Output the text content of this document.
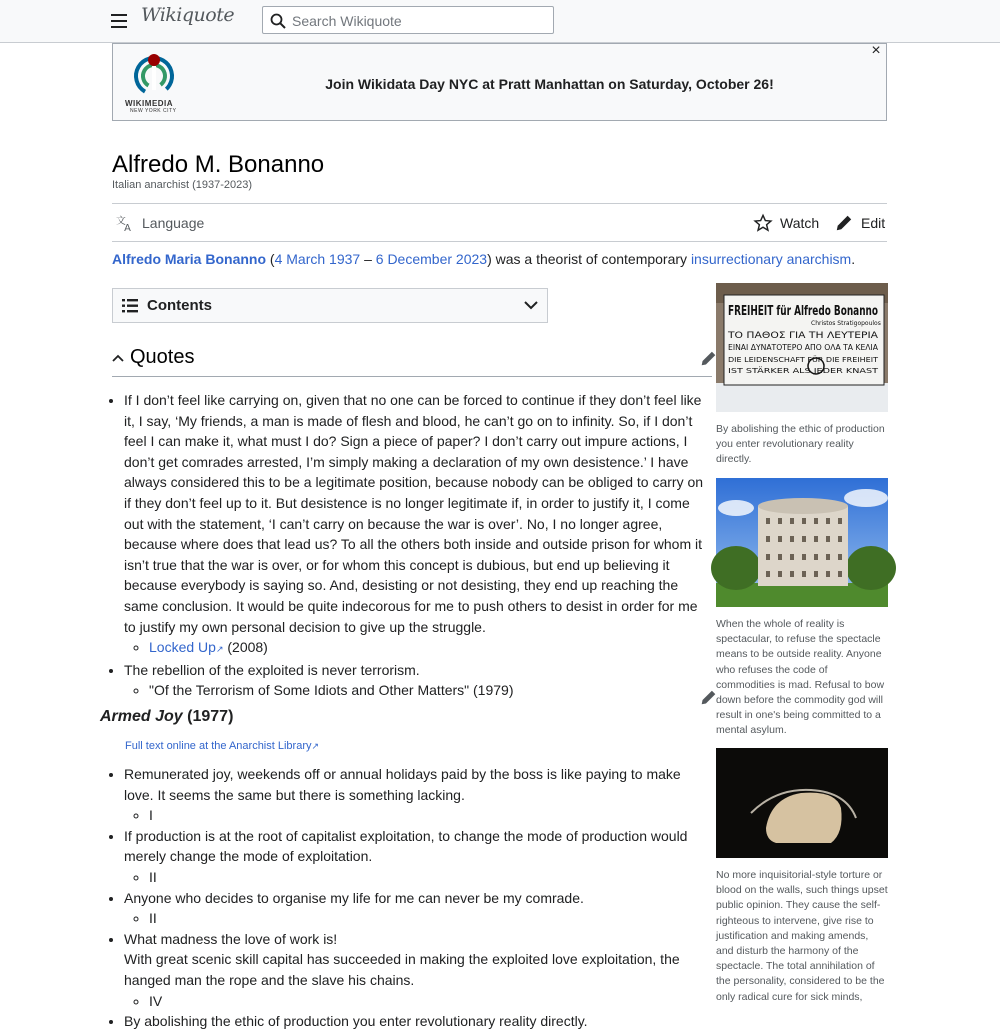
Wikiquote
Search Wikiquote
WIKIMEDIA
NEW YORK CITY
Join Wikidata Day NYC at Pratt Manhattan on Saturday, October 26!
×
Alfredo M. Bonanno
Italian anarchist (1937-2023)
文
A Language	Watch	Edit
Alfredo Maria Bonanno (4 March 1937 – 6 December 2023) was a theorist of contemporary insurrectionary anarchism.
Contents
Quotes
• If I don’t feel like carrying on, given that no one can be forced to continue if they don’t feel like it, I say, ‘My friends, a man is made of flesh and blood, he can’t go on to infinity. So, if I don’t feel I can make it, what must I do? Sign a piece of paper? I don’t carry out impure actions, I don’t get comrades arrested, I’m simply making a declaration of my own desistence.’ I have always considered this to be a legitimate position, because nobody can be obliged to carry on if they don’t feel up to it. But desistence is no longer legitimate if, in order to justify it, I come out with the statement, ‘I can’t carry on because the war is over’. No, I no longer agree, because where does that lead us? To all the others both inside and outside prison for whom it isn’t true that the war is over, or for whom this concept is dubious, but end up believing it because everybody is saying so. And, desisting or not desisting, they end up reaching the same conclusion. It would be quite indecorous for me to push others to desist in order for me to justify my own personal decision to give up the struggle.
◦ Locked Up↗ (2008)
• The rebellion of the exploited is never terrorism.
◦ "Of the Terrorism of Some Idiots and Other Matters" (1979)
Armed Joy (1977)
Full text online at the Anarchist Library↗
• Remunerated joy, weekends off or annual holidays paid by the boss is like paying to make love. It seems the same but there is something lacking.
◦ I
• If production is at the root of capitalist exploitation, to change the mode of production would merely change the mode of exploitation.
◦ II
• Anyone who decides to organise my life for me can never be my comrade.
◦ II
• What madness the love of work is!
With great scenic skill capital has succeeded in making the exploited love exploitation, the hanged man the rope and the slave his chains.
◦ IV
• By abolishing the ethic of production you enter revolutionary reality directly.
FREIHEIT für Alfredo Bonanno
Christos Stratigopoulos
ΤΟ ΠΑΘΟΣ ΓΙΑ ΤΗ ΛΕΥΤΕΡΙΑ
ΕΙΝΑΙ ΔΥΝΑΤΟΤΕΡΟ ΑΠΟ ΟΛΑ ΤΑ ΚΕΛΙΑ
DIE LEIDENSCHAFT FÜR DIE FREIHEIT
IST STÄRKER ALS JEDER KNAST
By abolishing the ethic of production you enter revolutionary reality directly.
When the whole of reality is spectacular, to refuse the spectacle means to be outside reality. Anyone who refuses the code of commodities is mad. Refusal to bow down before the commodity god will result in one's being committed to a mental asylum.
No more inquisitorial-style torture or blood on the walls, such things upset public opinion. They cause the self-righteous to intervene, give rise to justification and making amends, and disturb the harmony of the spectacle. The total annihilation of the personality, considered to be the only radical cure for sick minds,
